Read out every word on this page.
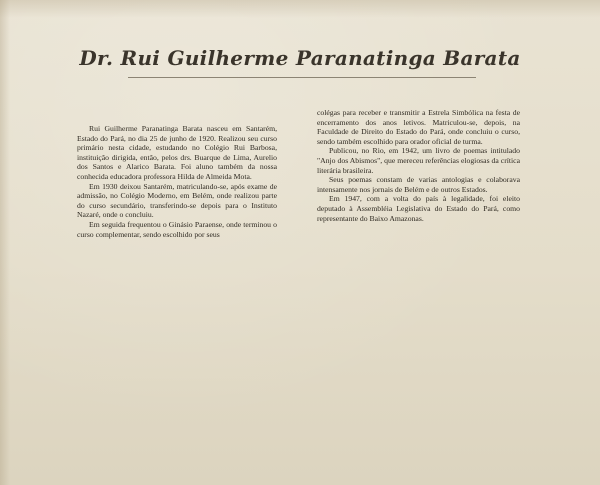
Dr. Rui Guilherme Paranatinga Barata

Rui Guilherme Paranatinga Barata nasceu em Santarém, Estado do Pará, no dia 25 de junho de 1920. Realizou seu curso primário nesta cidade, estudando no Colégio Rui Barbosa, instituição dirigida, então, pelos drs. Buarque de Lima, Aurelio dos Santos e Alarico Barata. Foi aluno também da nossa conhecida educadora professora Hilda de Almeida Mota.

Em 1930 deixou Santarém, matriculando-se, após exame de admissão, no Colégio Moderno, em Belém, onde realizou parte do curso secundário, transferindo-se depois para o Instituto Nazaré, onde o concluiu.

Em seguida frequentou o Ginásio Paraense, onde terminou o curso complementar, sendo escolhido por seus

colégas para receber e transmitir a Estrela Simbólica na festa de encerramento dos anos letivos. Matriculou-se, depois, na Faculdade de Direito do Estado do Pará, onde concluiu o curso, sendo também escolhido para orador oficial de turma.

Publicou, no Rio, em 1942, um livro de poemas intitulado "Anjo dos Abismos", que mereceu referências elogiosas da crítica literária brasileira.

Seus poemas constam de varias antologias e colaborava intensamente nos jornais de Belém e de outros Estados.

Em 1947, com a volta do país à legalidade, foi eleito deputado à Assembléia Legislativa do Estado do Pará, como representante do Baixo Amazonas.
